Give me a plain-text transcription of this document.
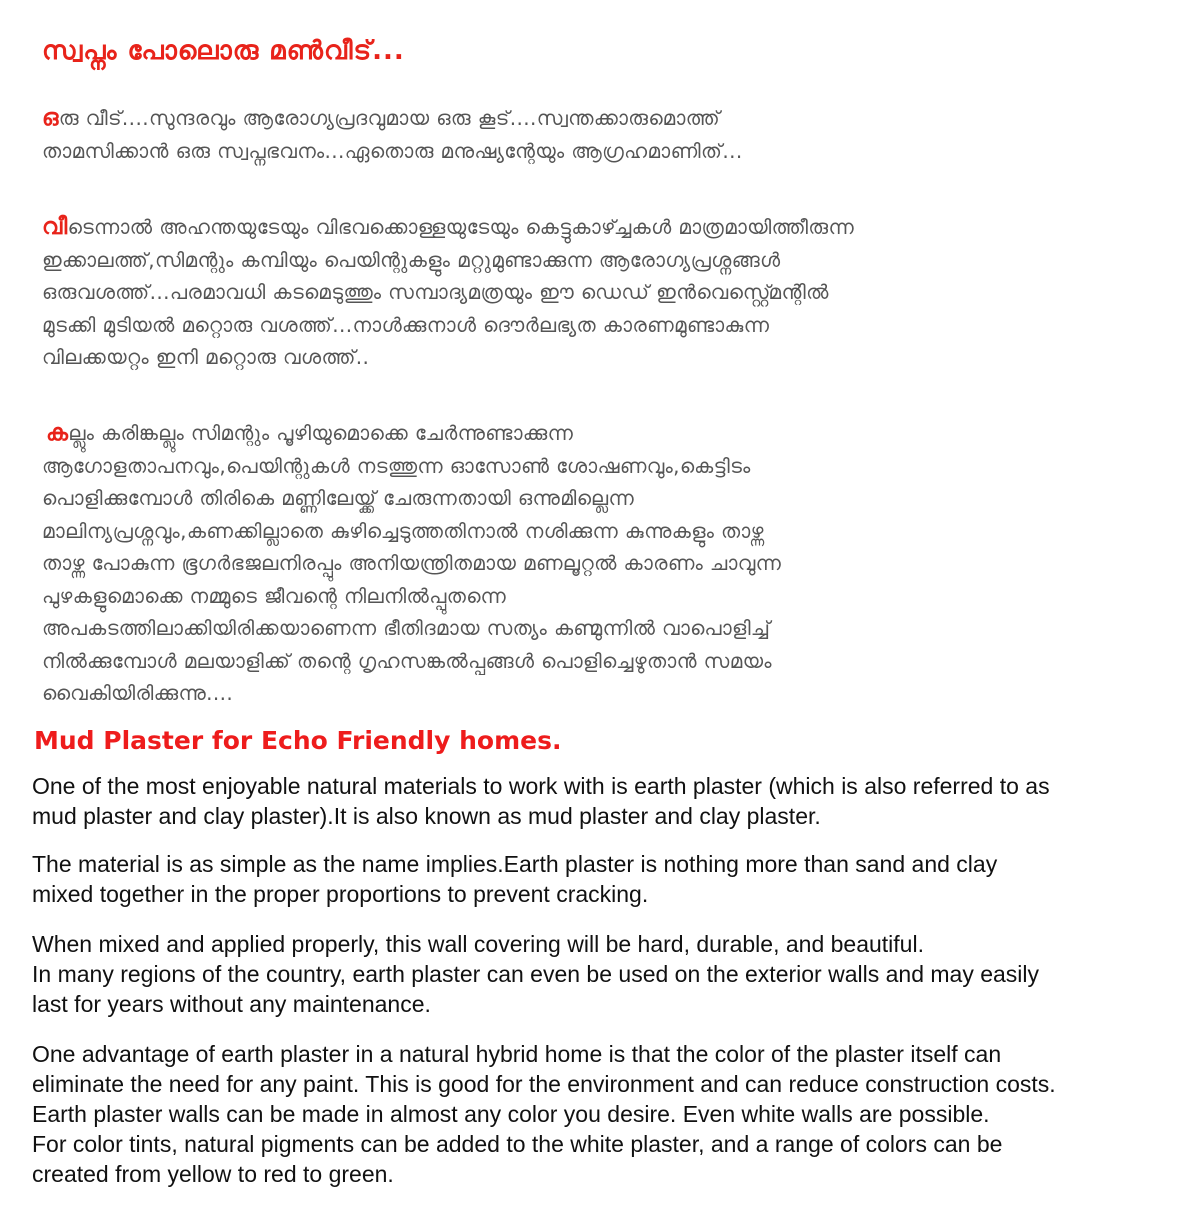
സ്വപ്നം പോലൊരു മൺവീട്...
ഒരു വീട്....സുന്ദരവും ആരോഗ്യപ്രദവുമായ ഒരു കൂട്....സ്വന്തക്കാരുമൊത്ത്
താമസിക്കാൻ ഒരു സ്വപ്നഭവനം...ഏതൊരു മനുഷ്യന്റേയും ആഗ്രഹമാണിത്...
വീടെന്നാൽ അഹന്തയുടേയും വിഭവക്കൊള്ളയുടേയും കെട്ടുകാഴ്ച്ചകൾ മാത്രമായിത്തീരുന്ന
ഇക്കാലത്ത്,സിമന്റും കമ്പിയും പെയിന്റുകളും മറ്റുമുണ്ടാക്കുന്ന ആരോഗ്യപ്രശ്നങ്ങൾ
ഒരുവശത്ത്...പരമാവധി കടമെടുത്തും സമ്പാദ്യമത്രയും ഈ ഡെഡ് ഇൻവെസ്റ്റ്മെന്റിൽ
മുടക്കി മുടിയൽ മറ്റൊരു വശത്ത്...നാൾക്കുനാൾ ദൌർലഭ്യത കാരണമുണ്ടാകുന്ന
വിലക്കയറ്റം ഇനി മറ്റൊരു വശത്ത്..
കല്ലും കരിങ്കല്ലും സിമന്റും പൂഴിയുമൊക്കെ ചേർന്നുണ്ടാക്കുന്ന
ആഗോളതാപനവും,പെയിന്റുകൾ നടത്തുന്ന ഓസോൺ ശോഷണവും,കെട്ടിടം
പൊളിക്കുമ്പോൾ തിരികെ മണ്ണിലേയ്ക്ക് ചേരുന്നതായി ഒന്നുമില്ലെന്ന
മാലിന്യപ്രശ്നവും,കണക്കില്ലാതെ കുഴിച്ചെടുത്തതിനാൽ നശിക്കുന്ന കുന്നുകളും താഴ്ന്ന
താഴ്ന്ന പോകുന്ന ഭൂഗർഭജലനിരപ്പും അനിയന്ത്രിതമായ മണലൂറ്റൽ കാരണം ചാവുന്ന
പുഴകളുമൊക്കെ നമ്മുടെ ജീവന്റെ നിലനിൽപ്പുതന്നെ
അപകടത്തിലാക്കിയിരിക്കയാണെന്ന ഭീതിദമായ സത്യം കണ്മുന്നിൽ വാപൊളിച്ച്
നിൽക്കുമ്പോൾ മലയാളിക്ക് തന്റെ ഗൃഹസങ്കൽപ്പങ്ങൾ പൊളിച്ചെഴുതാൻ സമയം
വൈകിയിരിക്കുന്നു....
Mud Plaster for Echo Friendly homes.
One of the most enjoyable natural materials to work with is earth plaster (which is also referred to as
mud plaster and clay plaster).It is also known as mud plaster and clay plaster.
The material is as simple as the name implies.Earth plaster is nothing more than sand and clay
mixed together in the proper proportions to prevent cracking.
When mixed and applied properly, this wall covering will be hard, durable, and beautiful.
In many regions of the country, earth plaster can even be used on the exterior walls and may easily
last for years without any maintenance.
One advantage of earth plaster in a natural hybrid home is that the color of the plaster itself can
eliminate the need for any paint. This is good for the environment and can reduce construction costs.
Earth plaster walls can be made in almost any color you desire. Even white walls are possible.
For color tints, natural pigments can be added to the white plaster, and a range of colors can be
created from yellow to red to green.
